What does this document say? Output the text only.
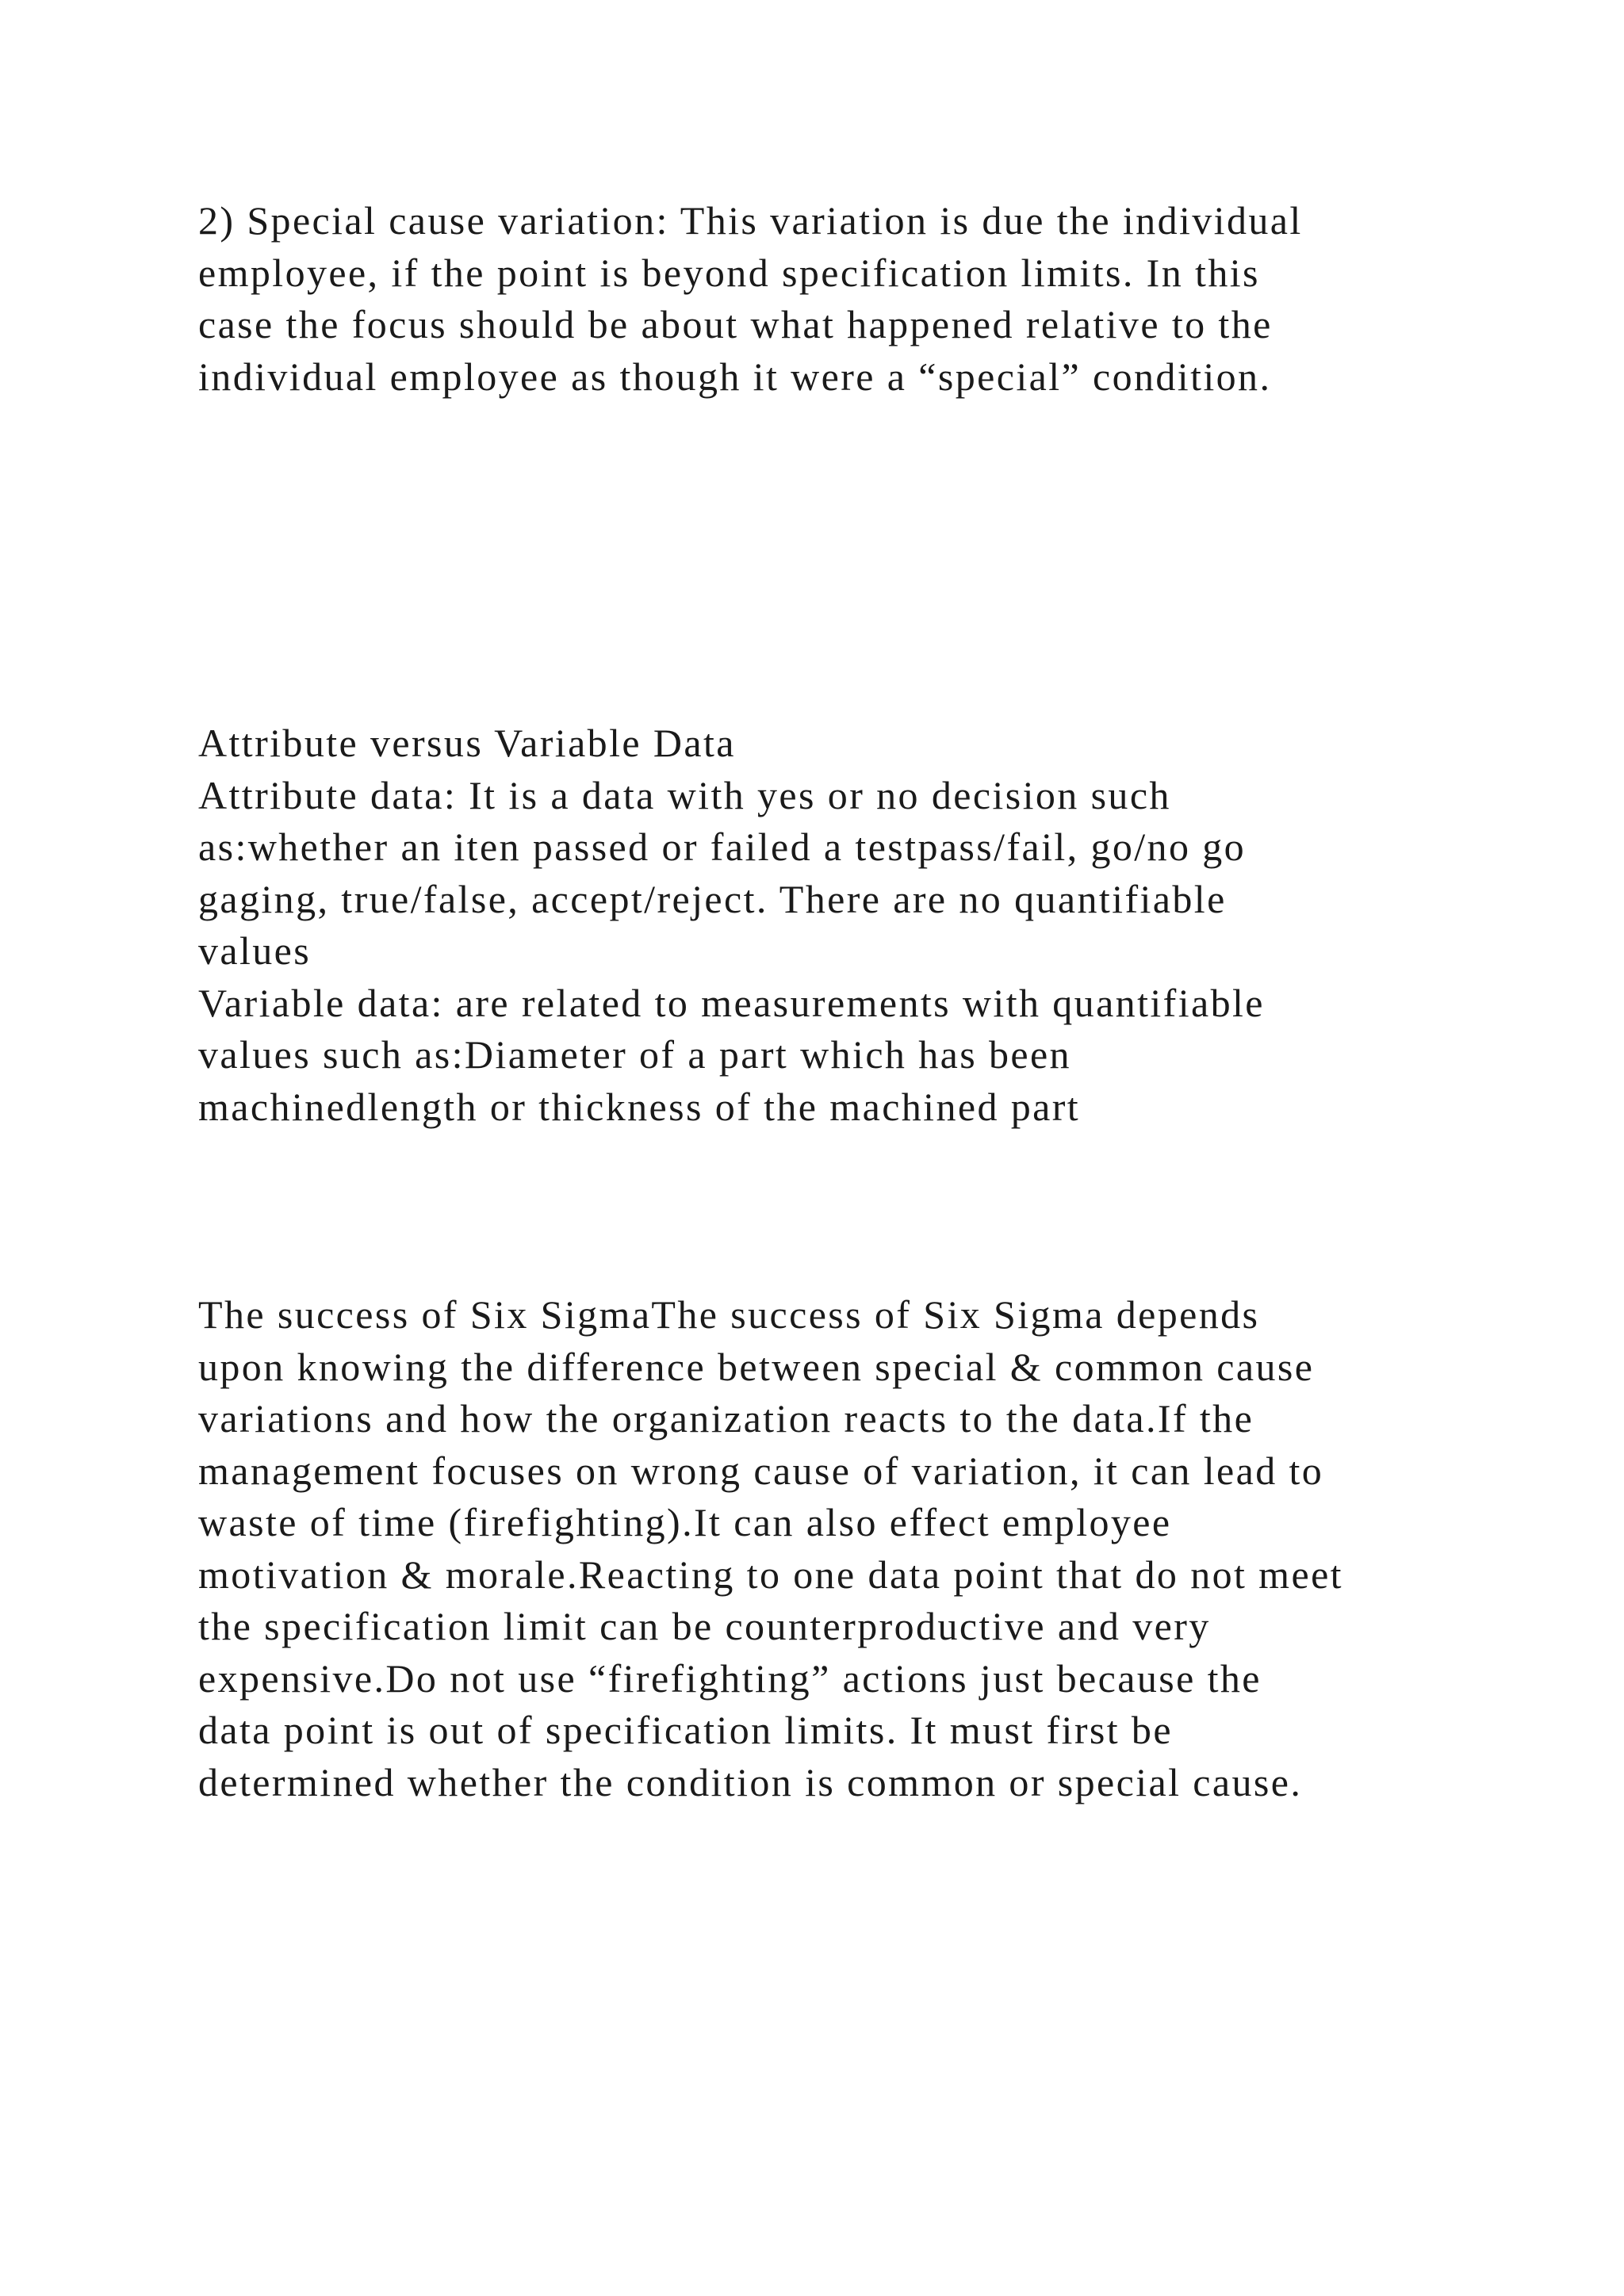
2) Special cause variation: This variation is due the individual
employee, if the point is beyond specification limits. In this
case the focus should be about what happened relative to the
individual employee as though it were a “special” condition.
Attribute versus Variable Data
Attribute data: It is a data with yes or no decision such
as:whether an iten passed or failed a testpass/fail, go/no go
gaging, true/false, accept/reject. There are no quantifiable
values
Variable data: are related to measurements with quantifiable
values such as:Diameter of a part which has been
machinedlength or thickness of the machined part
The success of Six SigmaThe success of Six Sigma depends
upon knowing the difference between special & common cause
variations and how the organization reacts to the data.If the
management focuses on wrong cause of variation, it can lead to
waste of time (firefighting).It can also effect employee
motivation & morale.Reacting to one data point that do not meet
the specification limit can be counterproductive and very
expensive.Do not use “firefighting” actions just because the
data point is out of specification limits. It must first be
determined whether the condition is common or special cause.
